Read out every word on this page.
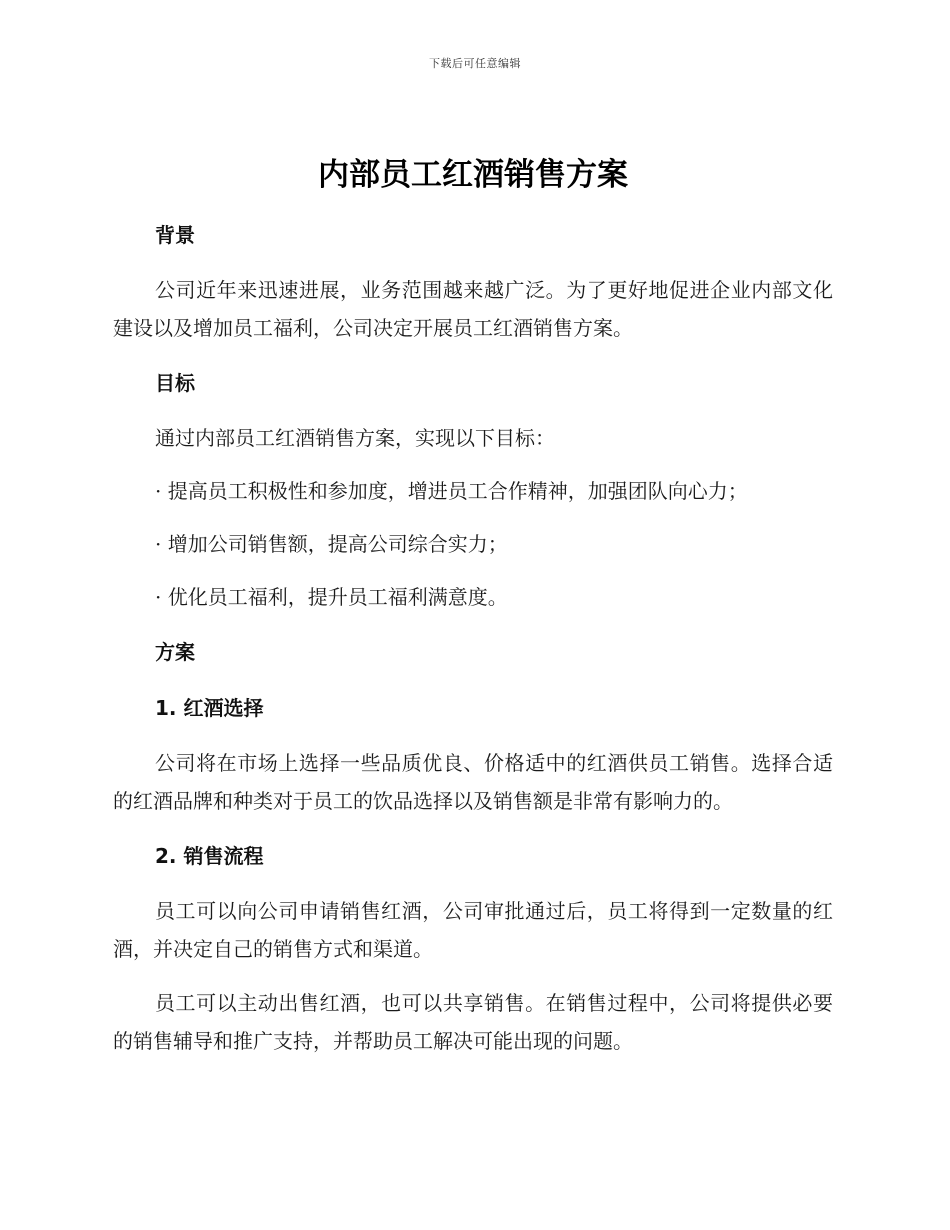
下载后可任意编辑
内部员工红酒销售方案
背景
公司近年来迅速进展，业务范围越来越广泛。为了更好地促进企业内部文化建设以及增加员工福利，公司决定开展员工红酒销售方案。
目标
通过内部员工红酒销售方案，实现以下目标：
· 提高员工积极性和参加度，增进员工合作精神，加强团队向心力；
· 增加公司销售额，提高公司综合实力；
· 优化员工福利，提升员工福利满意度。
方案
1. 红酒选择
公司将在市场上选择一些品质优良、价格适中的红酒供员工销售。选择合适的红酒品牌和种类对于员工的饮品选择以及销售额是非常有影响力的。
2. 销售流程
员工可以向公司申请销售红酒，公司审批通过后，员工将得到一定数量的红酒，并决定自己的销售方式和渠道。
员工可以主动出售红酒，也可以共享销售。在销售过程中，公司将提供必要的销售辅导和推广支持，并帮助员工解决可能出现的问题。
